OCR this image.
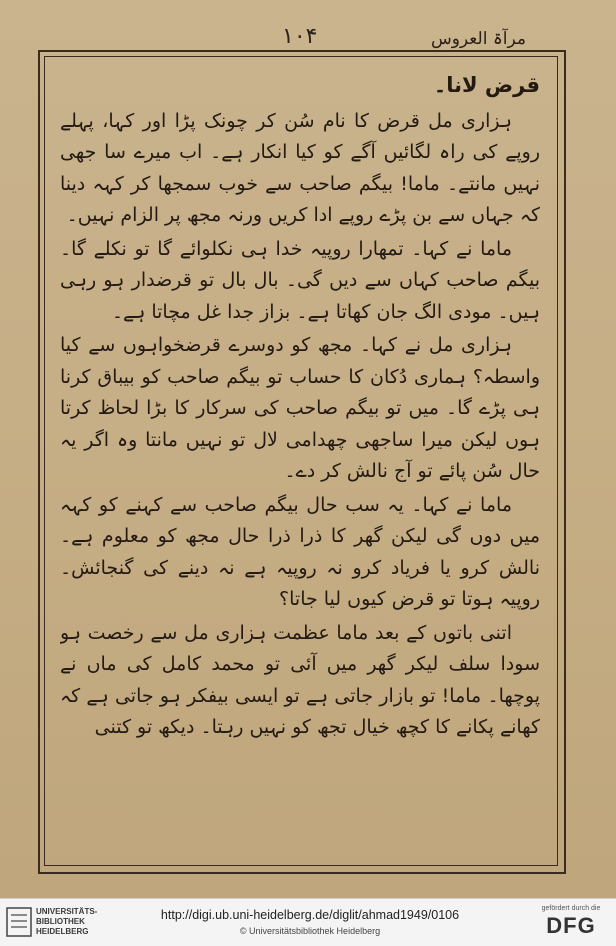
مرآۃ العروس
۱۰۴
قرض لانا۔

ہزاری مل قرض کا نام سُن کر چونک پڑا اور کہا، پہلے روپے کی راہ لگائیں آگے کو کیا انکار ہے۔ اب میرے سا جھی نہیں مانتے۔ ماما! بیگم صاحب سے خوب سمجھا کر کہہ دینا کہ جہاں سے بن پڑے روپے ادا کریں ورنہ مجھ پر الزام نہیں۔

ماما نے کہا۔ تمھارا روپیہ خدا ہی نکلوائے گا تو نکلے گا۔ بیگم صاحب کہاں سے دیں گی۔ بال بال تو قرضدار ہو رہی ہیں۔ مودی الگ جان کھاتا ہے۔ بزاز جدا غل مچاتا ہے۔

ہزاری مل نے کہا۔ مجھ کو دوسرے قرضخواہوں سے کیا واسطہ؟ ہماری دُکان کا حساب تو بیگم صاحب کو بیباق کرنا ہی پڑے گا۔ میں تو بیگم صاحب کی سرکار کا بڑا لحاظ کرتا ہوں لیکن میرا ساجھی چھدامی لال تو نہیں مانتا وہ اگر یہ حال سُن پائے تو آج نالش کر دے۔

ماما نے کہا۔ یہ سب حال بیگم صاحب سے کہنے کو کہہ میں دوں گی لیکن گھر کا ذرا ذرا حال مجھ کو معلوم ہے۔ نالش کرو یا فریاد کرو نہ روپیہ ہے نہ دینے کی گنجائش۔ روپیہ ہوتا تو قرض کیوں لیا جاتا؟

اتنی باتوں کے بعد ماما عظمت ہزاری مل سے رخصت ہو سودا سلف لیکر گھر میں آئی تو محمد کامل کی ماں نے پوچھا۔ ماما! تو بازار جاتی ہے تو ایسی بیفکر ہو جاتی ہے کہ کھانے پکانے کا کچھ خیال تجھ کو نہیں رہتا۔ دیکھ تو کتنی

UNIVERSITÄTS-
BIBLIOTHEK
HEIDELBERG
http://digi.ub.uni-heidelberg.de/diglit/ahmad1949/0106
© Universitätsbibliothek Heidelberg
gefördert durch die
DFG
